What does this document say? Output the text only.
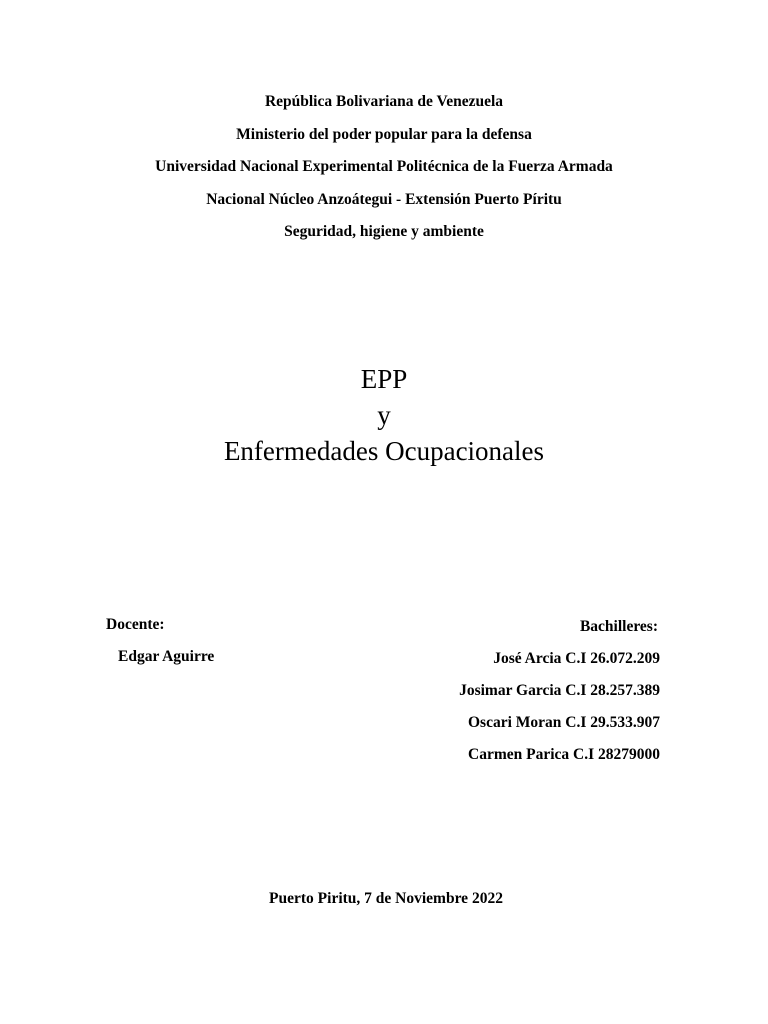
República Bolivariana de Venezuela
Ministerio del poder popular para la defensa
Universidad Nacional Experimental Politécnica de la Fuerza Armada
Nacional Núcleo Anzoátegui - Extensión Puerto Píritu
Seguridad, higiene y ambiente
EPP
y
Enfermedades Ocupacionales
Docente:
Edgar Aguirre
Bachilleres:
José Arcia C.I 26.072.209
Josimar Garcia C.I 28.257.389
Oscari Moran C.I 29.533.907
Carmen Parica C.I 28279000
Puerto Piritu, 7 de Noviembre 2022
